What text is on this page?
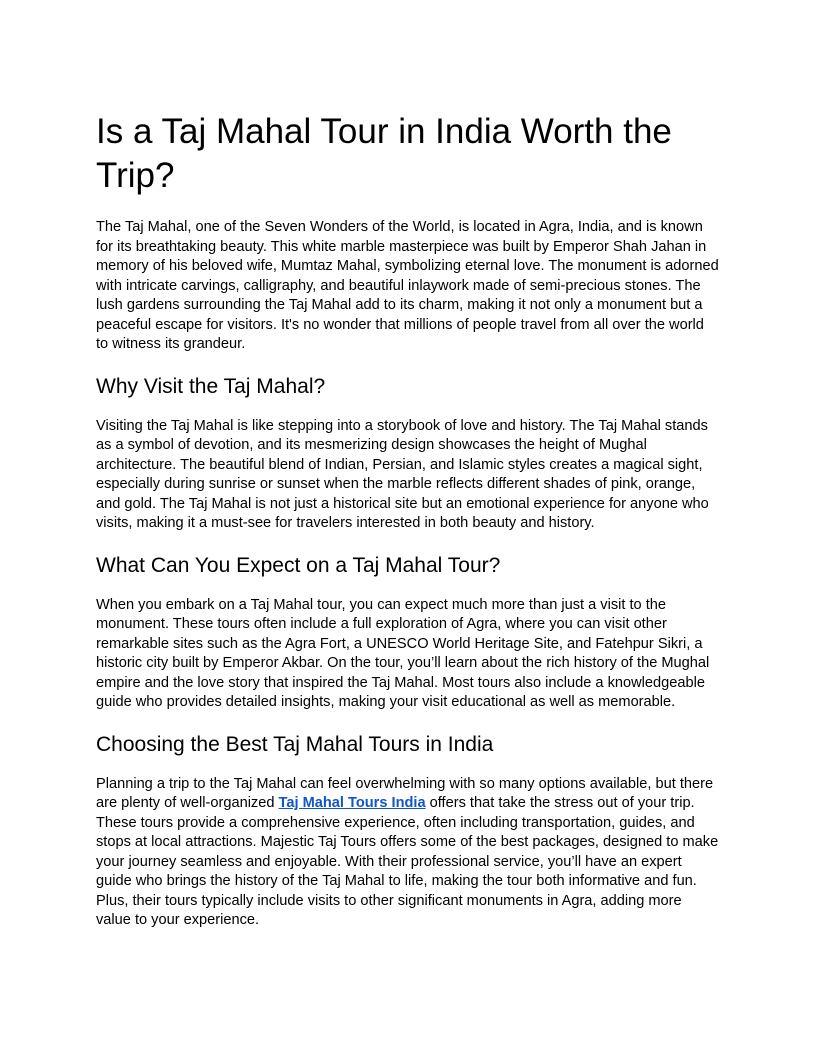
Is a Taj Mahal Tour in India Worth the Trip?

The Taj Mahal, one of the Seven Wonders of the World, is located in Agra, India, and is known for its breathtaking beauty. This white marble masterpiece was built by Emperor Shah Jahan in memory of his beloved wife, Mumtaz Mahal, symbolizing eternal love. The monument is adorned with intricate carvings, calligraphy, and beautiful inlaywork made of semi-precious stones. The lush gardens surrounding the Taj Mahal add to its charm, making it not only a monument but a peaceful escape for visitors. It's no wonder that millions of people travel from all over the world to witness its grandeur.

Why Visit the Taj Mahal?

Visiting the Taj Mahal is like stepping into a storybook of love and history. The Taj Mahal stands as a symbol of devotion, and its mesmerizing design showcases the height of Mughal architecture. The beautiful blend of Indian, Persian, and Islamic styles creates a magical sight, especially during sunrise or sunset when the marble reflects different shades of pink, orange, and gold. The Taj Mahal is not just a historical site but an emotional experience for anyone who visits, making it a must-see for travelers interested in both beauty and history.

What Can You Expect on a Taj Mahal Tour?

When you embark on a Taj Mahal tour, you can expect much more than just a visit to the monument. These tours often include a full exploration of Agra, where you can visit other remarkable sites such as the Agra Fort, a UNESCO World Heritage Site, and Fatehpur Sikri, a historic city built by Emperor Akbar. On the tour, you’ll learn about the rich history of the Mughal empire and the love story that inspired the Taj Mahal. Most tours also include a knowledgeable guide who provides detailed insights, making your visit educational as well as memorable.

Choosing the Best Taj Mahal Tours in India

Planning a trip to the Taj Mahal can feel overwhelming with so many options available, but there are plenty of well-organized Taj Mahal Tours India offers that take the stress out of your trip. These tours provide a comprehensive experience, often including transportation, guides, and stops at local attractions. Majestic Taj Tours offers some of the best packages, designed to make your journey seamless and enjoyable. With their professional service, you’ll have an expert guide who brings the history of the Taj Mahal to life, making the tour both informative and fun. Plus, their tours typically include visits to other significant monuments in Agra, adding more value to your experience.
